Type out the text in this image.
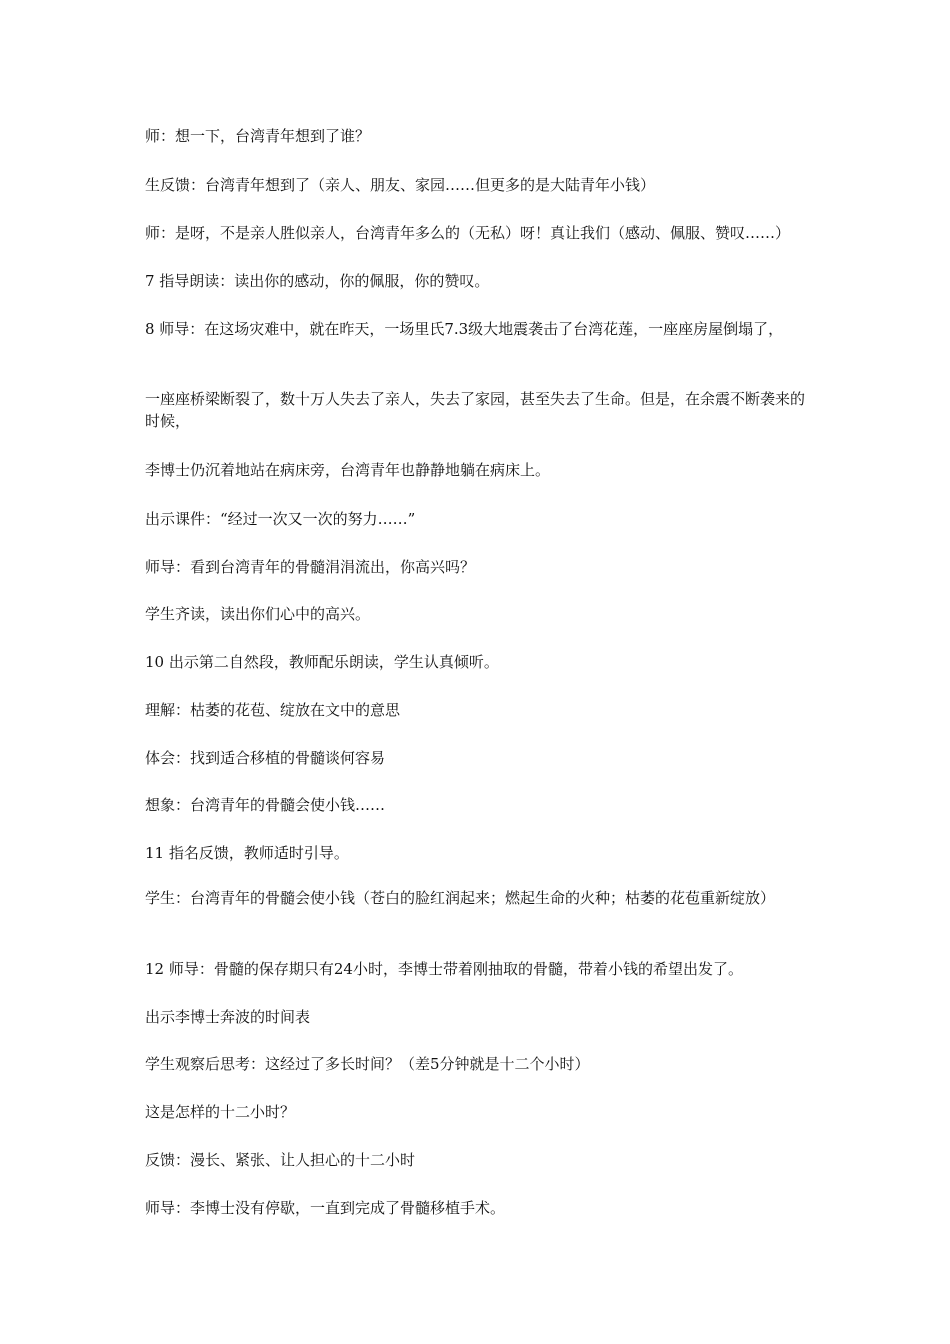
师：想一下，台湾青年想到了谁？

生反馈：台湾青年想到了（亲人、朋友、家园……但更多的是大陆青年小钱）

师：是呀，不是亲人胜似亲人，台湾青年多么的（无私）呀！真让我们（感动、佩服、赞叹……）

7 指导朗读：读出你的感动，你的佩服，你的赞叹。

8 师导：在这场灾难中，就在昨天，一场里氏7.3级大地震袭击了台湾花莲，一座座房屋倒塌了，

一座座桥梁断裂了，数十万人失去了亲人，失去了家园，甚至失去了生命。但是，在余震不断袭来的时候，

李博士仍沉着地站在病床旁，台湾青年也静静地躺在病床上。

出示课件：“经过一次又一次的努力……”

师导：看到台湾青年的骨髓涓涓流出，你高兴吗？

学生齐读，读出你们心中的高兴。

10 出示第二自然段，教师配乐朗读，学生认真倾听。

理解：枯萎的花苞、绽放在文中的意思

体会：找到适合移植的骨髓谈何容易

想象：台湾青年的骨髓会使小钱……

11 指名反馈，教师适时引导。

学生：台湾青年的骨髓会使小钱（苍白的脸红润起来；燃起生命的火种；枯萎的花苞重新绽放）

12 师导：骨髓的保存期只有24小时，李博士带着刚抽取的骨髓，带着小钱的希望出发了。

出示李博士奔波的时间表

学生观察后思考：这经过了多长时间？（差5分钟就是十二个小时）

这是怎样的十二小时？

反馈：漫长、紧张、让人担心的十二小时

师导：李博士没有停歇，一直到完成了骨髓移植手术。
